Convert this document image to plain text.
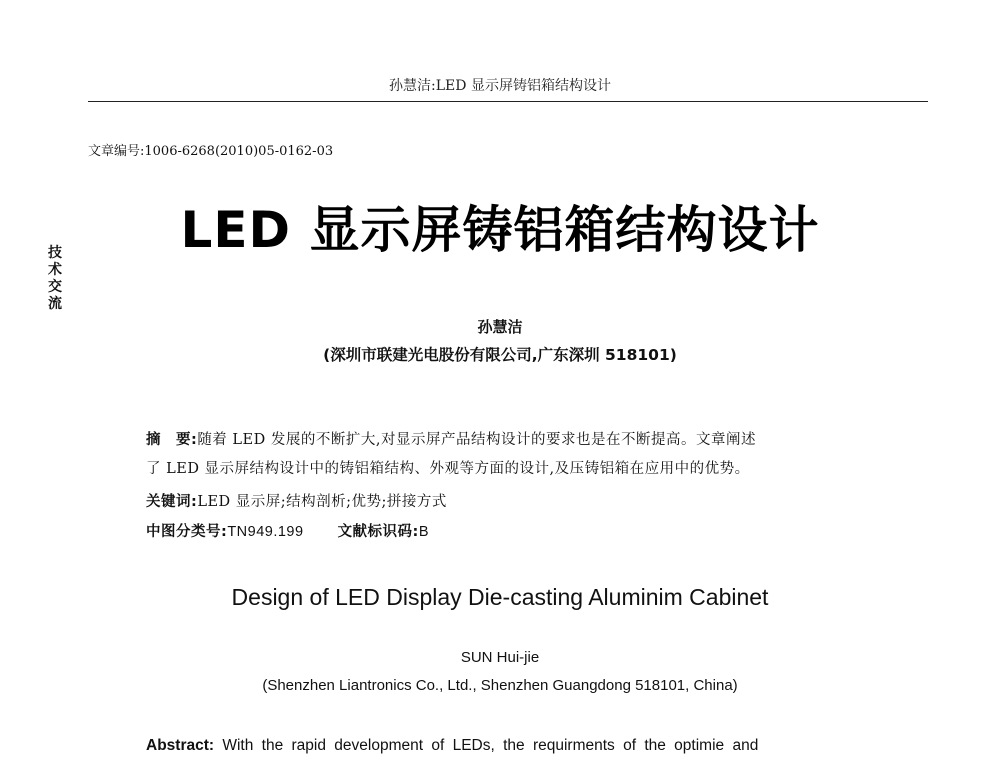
孙慧洁:LED 显示屏铸铝箱结构设计
文章编号:1006-6268(2010)05-0162-03
技
术
交
流
LED 显示屏铸铝箱结构设计
孙慧洁
(深圳市联建光电股份有限公司,广东深圳 518101)
摘　要:随着 LED 发展的不断扩大,对显示屏产品结构设计的要求也是在不断提高。文章阐述
了 LED 显示屏结构设计中的铸铝箱结构、外观等方面的设计,及压铸铝箱在应用中的优势。
关键词:LED 显示屏;结构剖析;优势;拼接方式
中图分类号:TN949.199 文献标识码:B
Design of LED Display Die-casting Aluminim Cabinet
SUN Hui-jie
(Shenzhen Liantronics Co., Ltd., Shenzhen Guangdong 518101, China)
Abstract: With the rapid development of LEDs, the requirments of the optimie and
